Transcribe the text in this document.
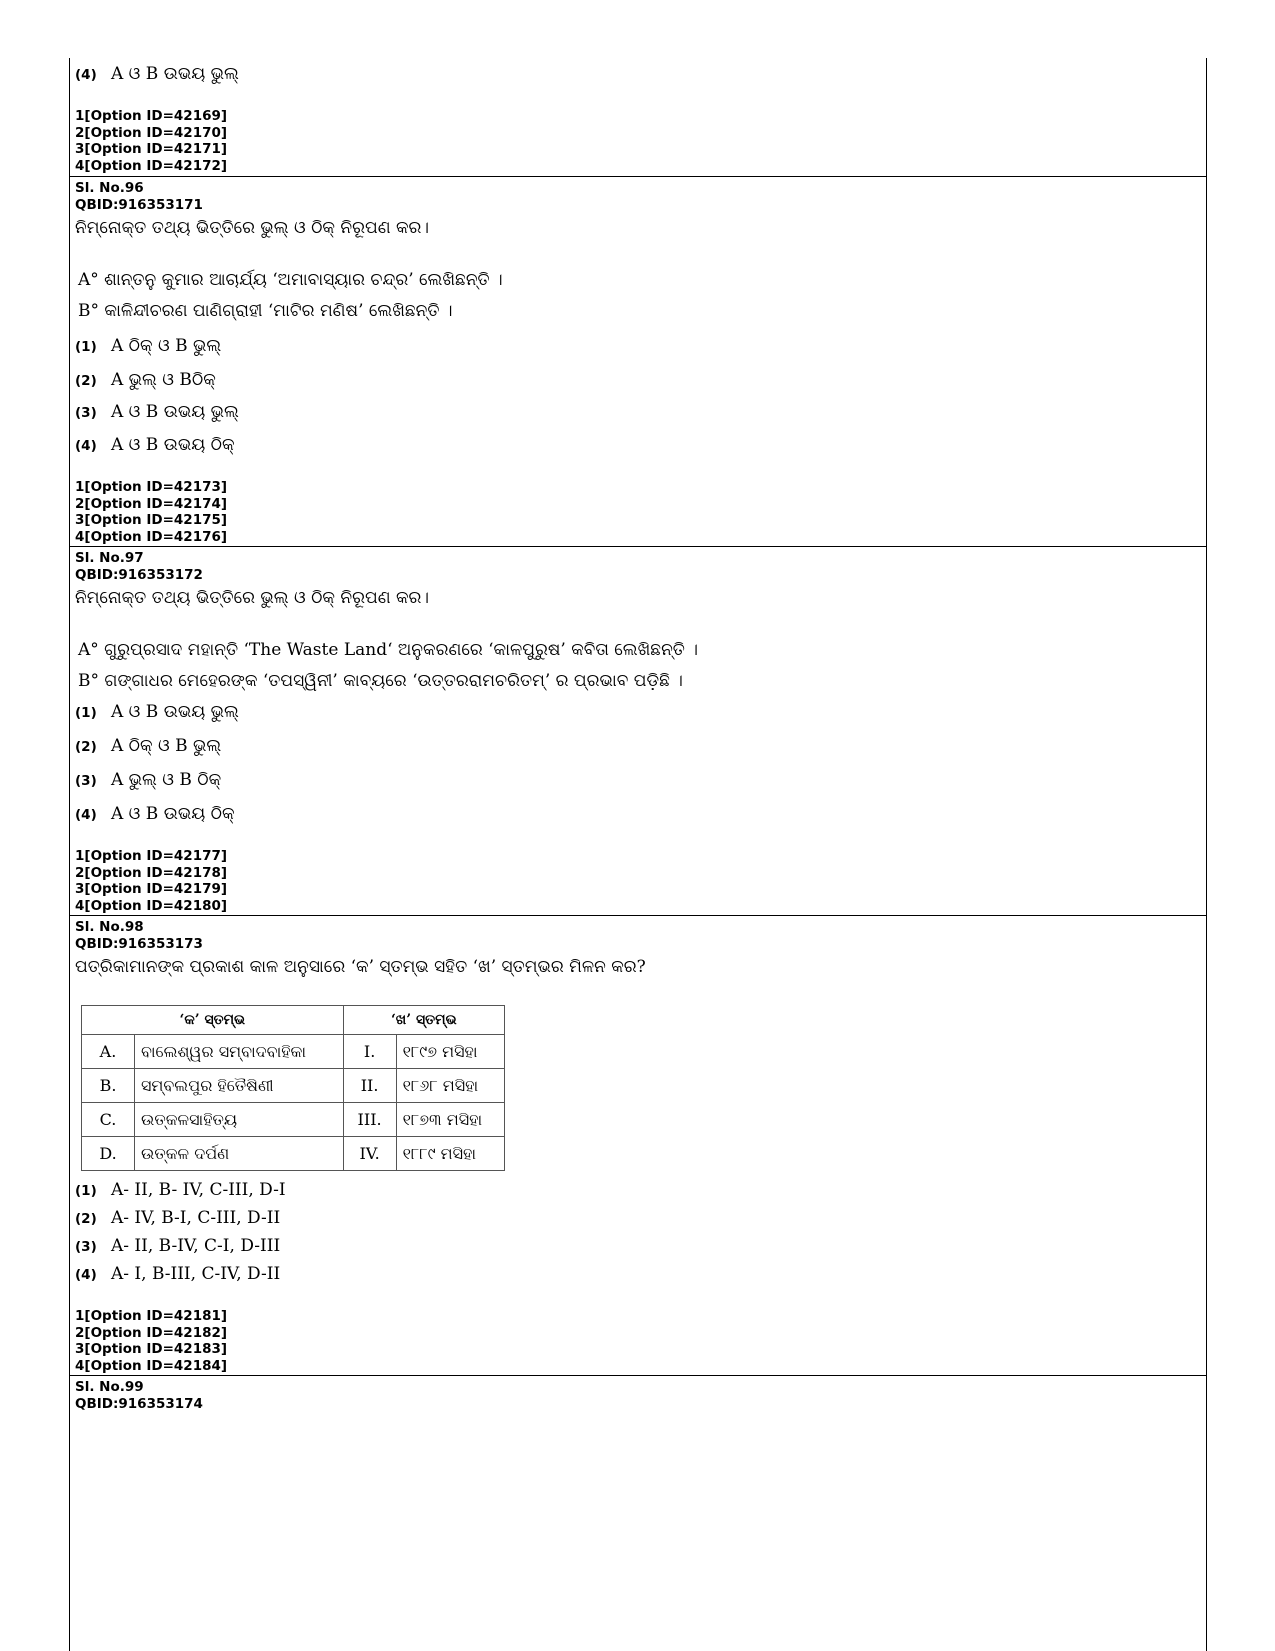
(4) A ଓ B ଉଭୟ ଭୁଲ୍
1[Option ID=42169]
2[Option ID=42170]
3[Option ID=42171]
4[Option ID=42172]
Sl. No.96
QBID:916353171
ନିମ୍ନୋକ୍ତ ତଥ୍ୟ ଭିତ୍ତିରେ ଭୁଲ୍ ଓ ଠିକ୍ ନିରୂପଣ କର।
A° ଶାନ୍ତନୁ କୁମାର ଆଚାର୍ଯ୍ୟ ‘ଅମାବାସ୍ୟାର ଚନ୍ଦ୍ର’ ଲେଖିଛନ୍ତି ।
B° କାଳିନ୍ଦୀଚରଣ ପାଣିଗ୍ରାହୀ ‘ମାଟିର ମଣିଷ’ ଲେଖିଛନ୍ତି ।
(1) A ଠିକ୍ ଓ B ଭୁଲ୍
(2) A ଭୁଲ୍ ଓ Bଠିକ୍
(3) A ଓ B ଉଭୟ ଭୁଲ୍
(4) A ଓ B ଉଭୟ ଠିକ୍
1[Option ID=42173]
2[Option ID=42174]
3[Option ID=42175]
4[Option ID=42176]
Sl. No.97
QBID:916353172
ନିମ୍ନୋକ୍ତ ତଥ୍ୟ ଭିତ୍ତିରେ ଭୁଲ୍ ଓ ଠିକ୍ ନିରୂପଣ କର।
A° ଗୁରୁପ୍ରସାଦ ମହାନ୍ତି ‘The Waste Land‘ ଅନୁକରଣରେ ‘କାଳପୁରୁଷ’ କବିତା ଲେଖିଛନ୍ତି ।
B° ଗଙ୍ଗାଧର ମେହେରଙ୍କ ‘ତପସ୍ୱିନୀ’ କାବ୍ୟରେ ‘ଉତ୍ତରରାମଚରିତମ୍’ ର ପ୍ରଭାବ ପଡ଼ିଛି ।
(1) A ଓ B ଉଭୟ ଭୁଲ୍
(2) A ଠିକ୍ ଓ B ଭୁଲ୍
(3) A ଭୁଲ୍ ଓ B ଠିକ୍
(4) A ଓ B ଉଭୟ ଠିକ୍
1[Option ID=42177]
2[Option ID=42178]
3[Option ID=42179]
4[Option ID=42180]
Sl. No.98
QBID:916353173
ପତ୍ରିକାମାନଙ୍କ ପ୍ରକାଶ କାଳ ଅନୁସାରେ ‘କ’ ସ୍ତମ୍ଭ ସହିତ ‘ଖ’ ସ୍ତମ୍ଭର ମିଳନ କର?
‘କ’ ସ୍ତମ୍ଭ		‘ଖ’ ସ୍ତମ୍ଭ	
A.	ବାଲେଶ୍ୱର ସମ୍ବାଦବାହିକା	I.	୧୮୯୭ ମସିହା
B.	ସମ୍ବଲପୁର ହିତୈଷିଣୀ	II.	୧୮୬୮ ମସିହା
C.	ଉତ୍କଳସାହିତ୍ୟ	III.	୧୮୭୩ ମସିହା
D.	ଉତ୍କଳ ଦର୍ପଣ	IV.	୧୮୮୯ ମସିହା
(1) A- II, B- IV, C-III, D-I
(2) A- IV, B-I, C-III, D-II
(3) A- II, B-IV, C-I, D-III
(4) A- I, B-III, C-IV, D-II
1[Option ID=42181]
2[Option ID=42182]
3[Option ID=42183]
4[Option ID=42184]
Sl. No.99
QBID:916353174
